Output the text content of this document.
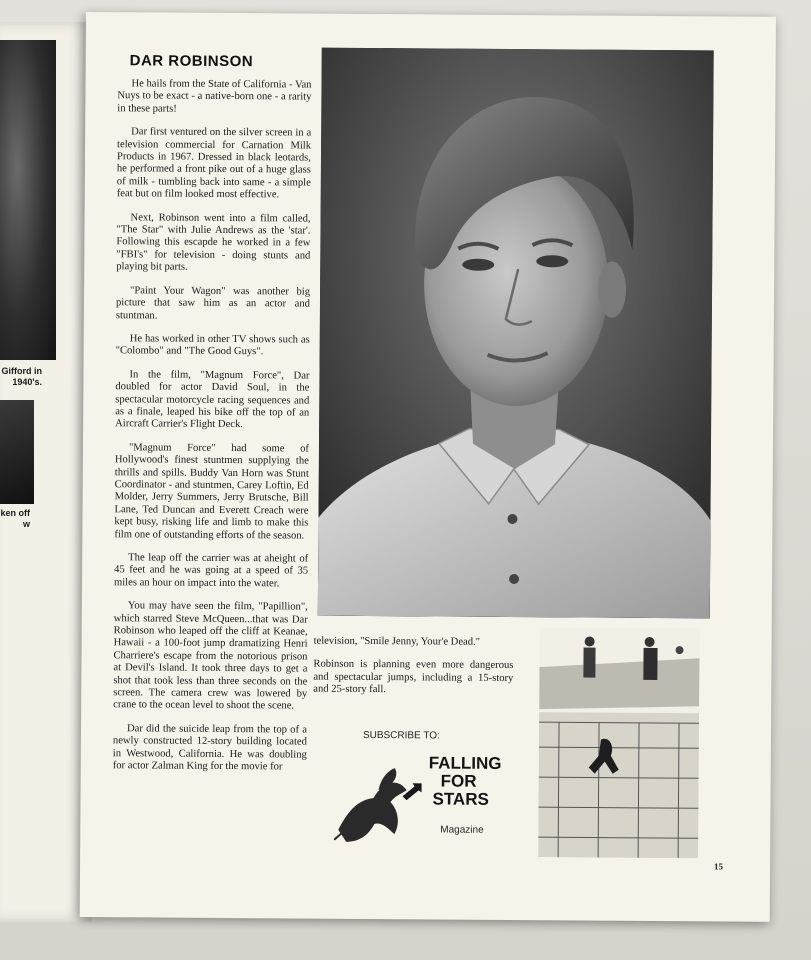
Gifford in
1940's.
ken off
w
DAR ROBINSON

He hails from the State of California - Van Nuys to be exact - a native-born one - a rarity in these parts!

Dar first ventured on the silver screen in a television commercial for Carnation Milk Products in 1967. Dressed in black leotards, he performed a front pike out of a huge glass of milk - tumbling back into same - a simple feat but on film looked most effective.

Next, Robinson went into a film called, "The Star" with Julie Andrews as the 'star'. Following this escapde he worked in a few "FBI's" for television - doing stunts and playing bit parts.

"Paint Your Wagon" was another big picture that saw him as an actor and stuntman.

He has worked in other TV shows such as "Colombo" and "The Good Guys".

In the film, "Magnum Force", Dar doubled for actor David Soul, in the spectacular motorcycle racing sequences and as a finale, leaped his bike off the top of an Aircraft Carrier's Flight Deck.

"Magnum Force" had some of Hollywood's finest stuntmen supplying the thrills and spills. Buddy Van Horn was Stunt Coordinator - and stuntmen, Carey Loftin, Ed Molder, Jerry Summers, Jerry Brutsche, Bill Lane, Ted Duncan and Everett Creach were kept busy, risking life and limb to make this film one of outstanding efforts of the season.

The leap off the carrier was at aheight of 45 feet and he was going at a speed of 35 miles an hour on impact into the water.

You may have seen the film, "Papillion", which starred Steve McQueen...that was Dar Robinson who leaped off the cliff at Keanae, Hawaii - a 100-foot jump dramatizing Henri Charriere's escape from the notorious prison at Devil's Island. It took three days to get a shot that took less than three seconds on the screen. The camera crew was lowered by crane to the ocean level to shoot the scene.

Dar did the suicide leap from the top of a newly constructed 12-story building located in Westwood, California. He was doubling for actor Zalman King for the movie for

television, "Smile Jenny, Your'e Dead."

Robinson is planning even more dangerous and spectacular jumps, including a 15-story and 25-story fall.

SUBSCRIBE TO:
FALLING
FOR
STARS
Magazine
15
